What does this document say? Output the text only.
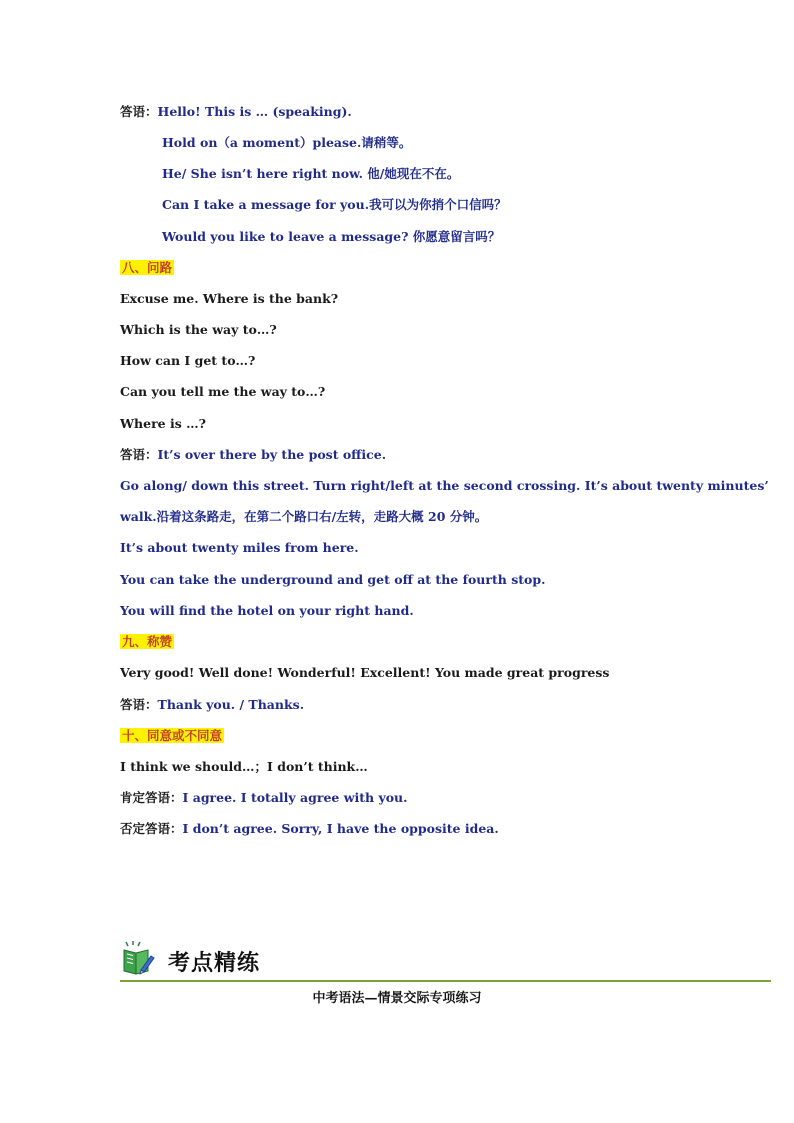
答语：Hello! This is … (speaking).
Hold on（a moment）please.请稍等。
He/ She isn’t here right now. 他/她现在不在。
Can I take a message for you.我可以为你捎个口信吗？
Would you like to leave a message? 你愿意留言吗？
八、问路
Excuse me. Where is the bank?
Which is the way to…?
How can I get to…?
Can you tell me the way to…?
Where is …?
答语：It’s over there by the post office.
Go along/ down this street. Turn right/left at the second crossing. It’s about twenty minutes’
walk.沿着这条路走，在第二个路口右/左转，走路大概 20 分钟。
It’s about twenty miles from here.
You can take the underground and get off at the fourth stop.
You will find the hotel on your right hand.
九、称赞
Very good! Well done! Wonderful! Excellent! You made great progress
答语：Thank you. / Thanks.
十、同意或不同意
I think we should…；I don’t think…
肯定答语：I agree. I totally agree with you.
否定答语：I don’t agree. Sorry, I have the opposite idea.
考点精练
中考语法—情景交际专项练习
